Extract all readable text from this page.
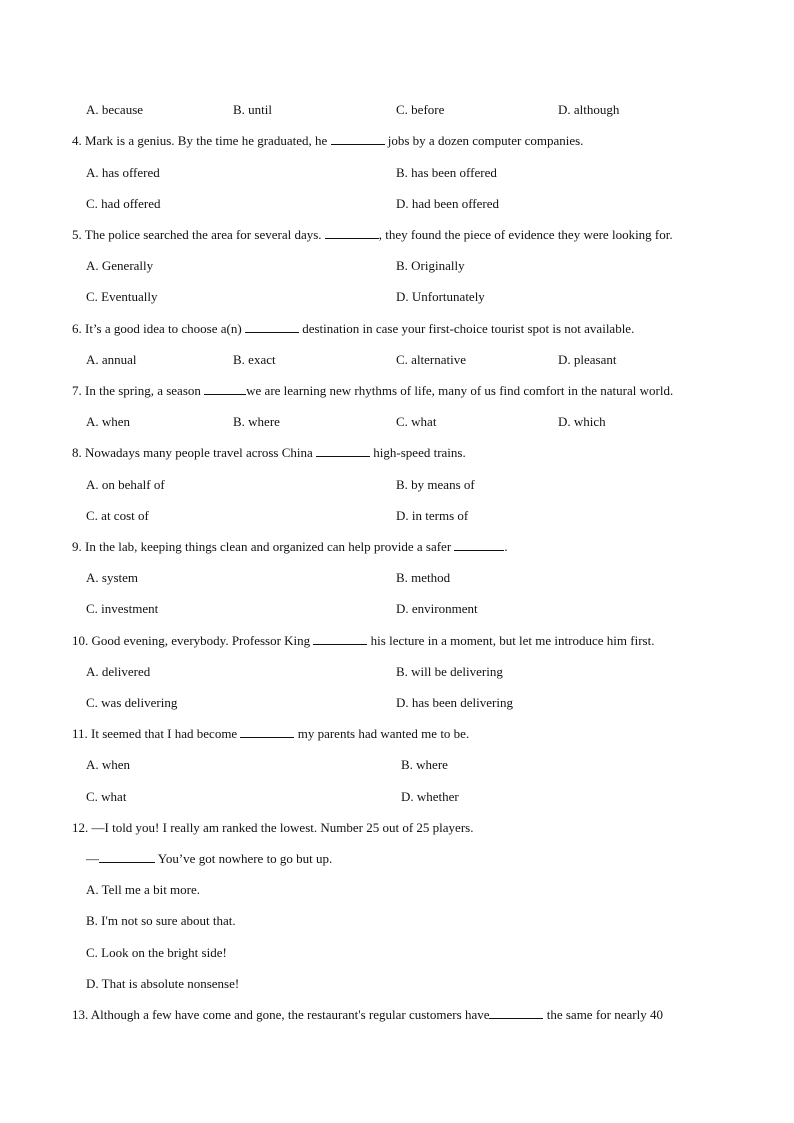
A. because	B. until	C. before	D. although
4. Mark is a genius. By the time he graduated, he	jobs by a dozen computer companies.
A. has offered	B. has been offered
C. had offered	D. had been offered
5. The police searched the area for several days.	, they found the piece of evidence they were looking for.
A. Generally	B. Originally
C. Eventually	D. Unfortunately
6. It’s a good idea to choose a(n)	destination in case your first-choice tourist spot is not available.
A. annual	B. exact	C. alternative	D. pleasant
7. In the spring, a season	we are learning new rhythms of life, many of us find comfort in the natural world.
A. when	B. where	C. what	D. which
8. Nowadays many people travel across China	high-speed trains.
A. on behalf of	B. by means of
C. at cost of	D. in terms of
9. In the lab, keeping things clean and organized can help provide a safer	.
A. system	B. method
C. investment	D. environment
10. Good evening, everybody. Professor King	his lecture in a moment, but let me introduce him first.
A. delivered	B. will be delivering
C. was delivering	D. has been delivering
11. It seemed that I had become	my parents had wanted me to be.
A. when	B. where
C. what	D. whether
12. —I told you! I really am ranked the lowest. Number 25 out of 25 players.
—	You’ve got nowhere to go but up.
A. Tell me a bit more.
B. I'm not so sure about that.
C. Look on the bright side!
D. That is absolute nonsense!
13. Although a few have come and gone, the restaurant's regular customers have	the same for nearly 40
